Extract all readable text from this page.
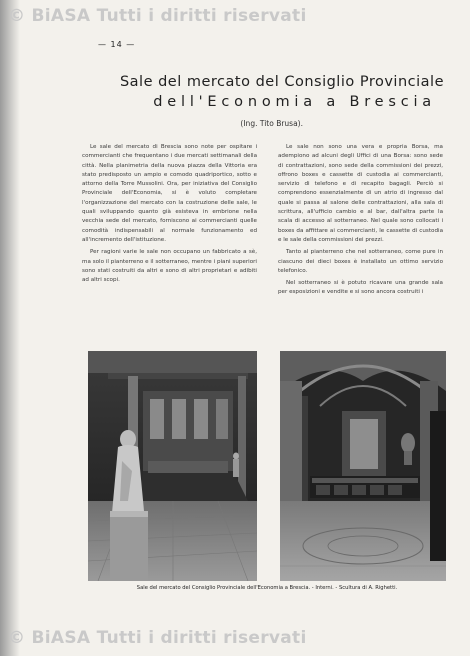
© BiASA Tutti i diritti riservati
— 14 —
Sale del mercato del Consiglio Provinciale
dell'Economia a Brescia
(Ing. Tito Brusa).

Le sale del mercato di Brescia sono note per ospitare i commercianti che frequentano i due mercati settimanali della città. Nella planimetria della nuova piazza della Vittoria era stato predisposto un ampio e comodo quadriportico, sotto e attorno della Torre Mussolini. Ora, per iniziativa del Consiglio Provinciale dell'Economia, si è voluto completare l'organizzazione del mercato con la costruzione delle sale, le quali sviluppando quanto già esisteva in embrione nella vecchia sede del mercato, forniscono ai commercianti quelle comodità indispensabili al normale funzionamento ed all'incremento dell'istituzione.

Per ragioni varie le sale non occupano un fabbricato a sè, ma solo il pianterreno e il sotterraneo, mentre i piani superiori sono stati costruiti da altri e sono di altri proprietari e adibiti ad altri scopi.

Le sale non sono una vera e propria Borsa, ma adempiono ad alcuni degli Uffici di una Borsa: sono sede di contrattazioni, sono sede della commissioni dei prezzi, offrono boxes e cassette di custodia ai commercianti, servizio di telefono e di recapito bagagli. Perciò si comprendono essenzialmente di un atrio di ingresso dal quale si passa al salone delle contrattazioni, alla sala di scrittura, all'ufficio cambio e al bar, dall'altra parte la scala di accesso al sotterraneo. Nel quale sono collocati i boxes da affittare ai commercianti, le cassette di custodia e le sale della commissioni dei prezzi.

Tanto al pianterreno che nel sotterraneo, come pure in ciascuno dei dieci boxes è installato un ottimo servizio telefonico.

Nel sotterraneo si è potuto ricavare una grande sala per esposizioni e vendite e si sono ancora costruiti i

Sale del mercato del Consiglio Provinciale dell'Economia a Brescia. - Interni. - Scultura di A. Righetti.
© BiASA Tutti i diritti riservati
